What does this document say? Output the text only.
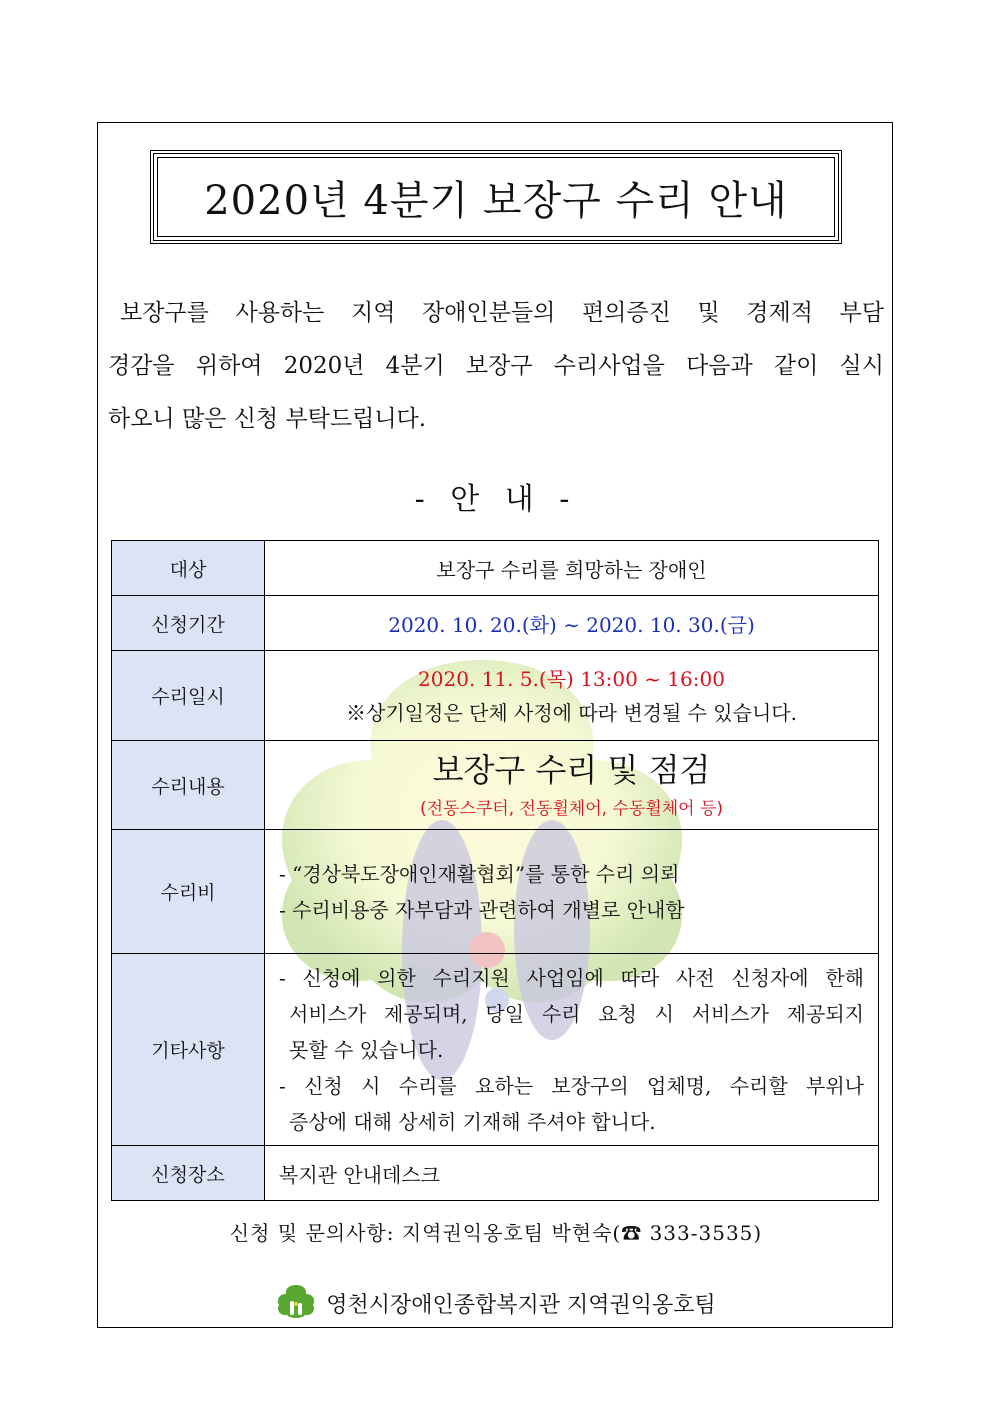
2020년 4분기 보장구 수리 안내
보장구를 사용하는 지역 장애인분들의 편의증진 및 경제적 부담
경감을 위하여 2020년 4분기 보장구 수리사업을 다음과 같이 실시
하오니 많은 신청 부탁드립니다.
- 안 내 -
대상	보장구 수리를 희망하는 장애인
신청기간	2020. 10. 20.(화) ∼ 2020. 10. 30.(금)
수리일시	2020. 11. 5.(목) 13:00 ~ 16:00
※상기일정은 단체 사정에 따라 변경될 수 있습니다.

수리내용	보장구 수리 및 점검
(전동스쿠터, 전동휠체어, 수동휠체어 등)

수리비	- “경상북도장애인재활협회”를 통한 수리 의뢰
- 수리비용중 자부담과 관련하여 개별로 안내함

기타사항	- 신청에 의한 수리지원 사업임에 따라 사전 신청자에 한해
서비스가 제공되며, 당일 수리 요청 시 서비스가 제공되지
못할 수 있습니다.
- 신청 시 수리를 요하는 보장구의 업체명, 수리할 부위나
증상에 대해 상세히 기재해 주셔야 합니다.

신청장소	복지관 안내데스크
신청 및 문의사항: 지역권익옹호팀 박현숙(☎ 333-3535)
영천시장애인종합복지관 지역권익옹호팀
